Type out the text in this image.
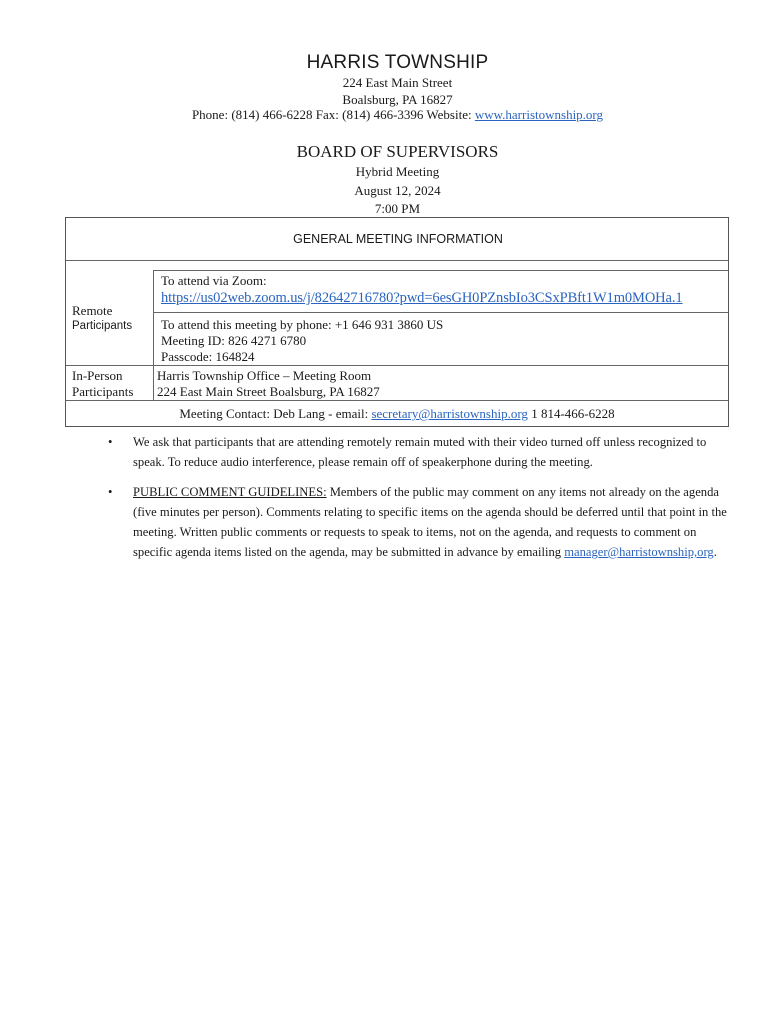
HARRIS TOWNSHIP
224 East Main Street
Boalsburg, PA 16827
Phone: (814) 466-6228 Fax: (814) 466-3396 Website: www.harristownship.org
BOARD OF SUPERVISORS
Hybrid Meeting
August 12, 2024
7:00 PM
GENERAL MEETING INFORMATION
To attend via Zoom:
https://us02web.zoom.us/j/82642716780?pwd=6esGH0PZnsbIo3CSxPBft1W1m0MOHa.1
Remote
Participants To attend this meeting by phone: +1 646 931 3860 US
Meeting ID: 826 4271 6780
Passcode: 164824
In-Person
Participants
Harris Township Office – Meeting Room
224 East Main Street Boalsburg, PA 16827
Meeting Contact: Deb Lang - email: secretary@harristownship.org 1 814-466-6228
• We ask that participants that are attending remotely remain muted with their video turned off unless recognized to speak. To reduce audio interference, please remain off of speakerphone during the meeting.
• PUBLIC COMMENT GUIDELINES: Members of the public may comment on any items not already on the agenda (five minutes per person). Comments relating to specific items on the agenda should be deferred until that point in the meeting. Written public comments or requests to speak to items, not on the agenda, and requests to comment on specific agenda items listed on the agenda, may be submitted in advance by emailing manager@harristownship,org.
